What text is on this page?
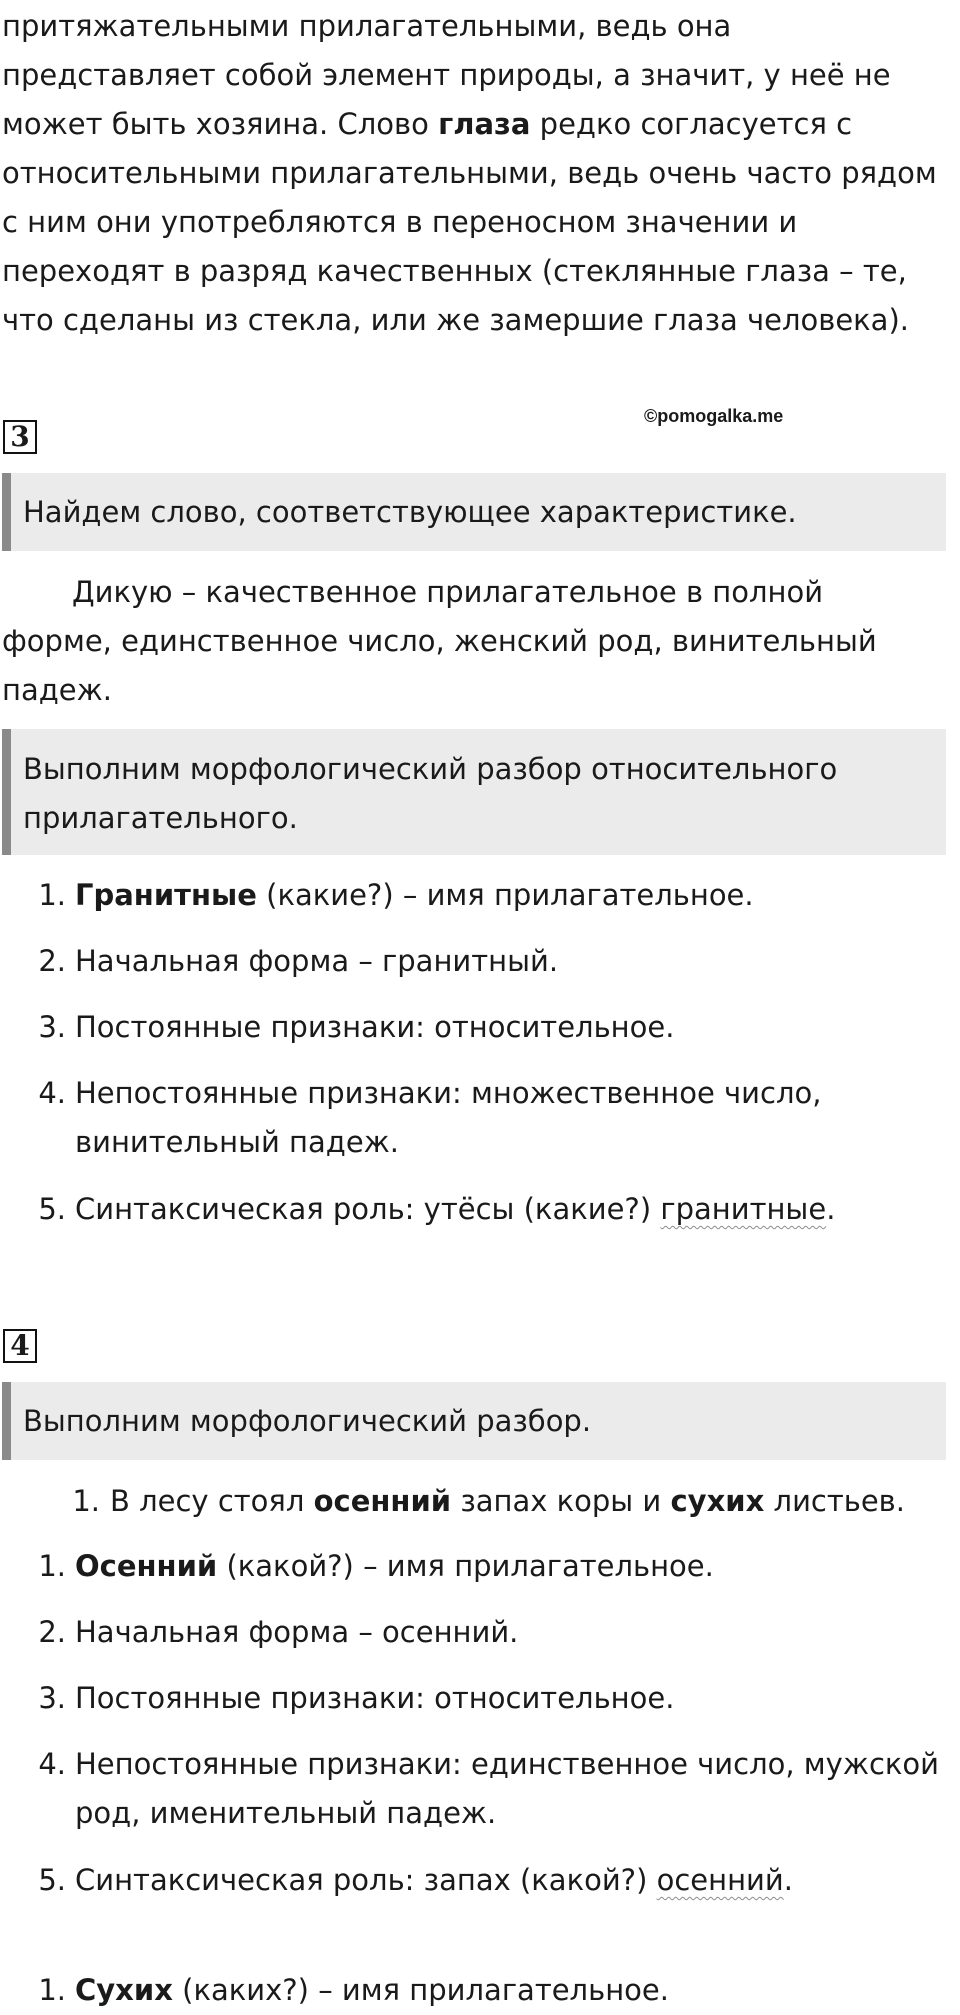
притяжательными прилагательными, ведь она
представляет собой элемент природы, а значит, у неё не
может быть хозяина. Слово глаза редко согласуется с
относительными прилагательными, ведь очень часто рядом
с ним они употребляются в переносном значении и
переходят в разряд качественных (стеклянные глаза – те,
что сделаны из стекла, или же замершие глаза человека).
3
©pomogalka.me
Найдем слово, соответствующее характеристике.
Дикую – качественное прилагательное в полной
форме, единственное число, женский род, винительный
падеж.
Выполним морфологический разбор относительного
прилагательного.
1. Гранитные (какие?) – имя прилагательное.
2. Начальная форма – гранитный.
3. Постоянные признаки: относительное.
4. Непостоянные признаки: множественное число,
винительный падеж.
5. Синтаксическая роль: утёсы (какие?) гранитные.
4
Выполним морфологический разбор.
1. В лесу стоял осенний запах коры и сухих листьев.
1. Осенний (какой?) – имя прилагательное.
2. Начальная форма – осенний.
3. Постоянные признаки: относительное.
4. Непостоянные признаки: единственное число, мужской
род, именительный падеж.
5. Синтаксическая роль: запах (какой?) осенний.
1. Сухих (каких?) – имя прилагательное.
